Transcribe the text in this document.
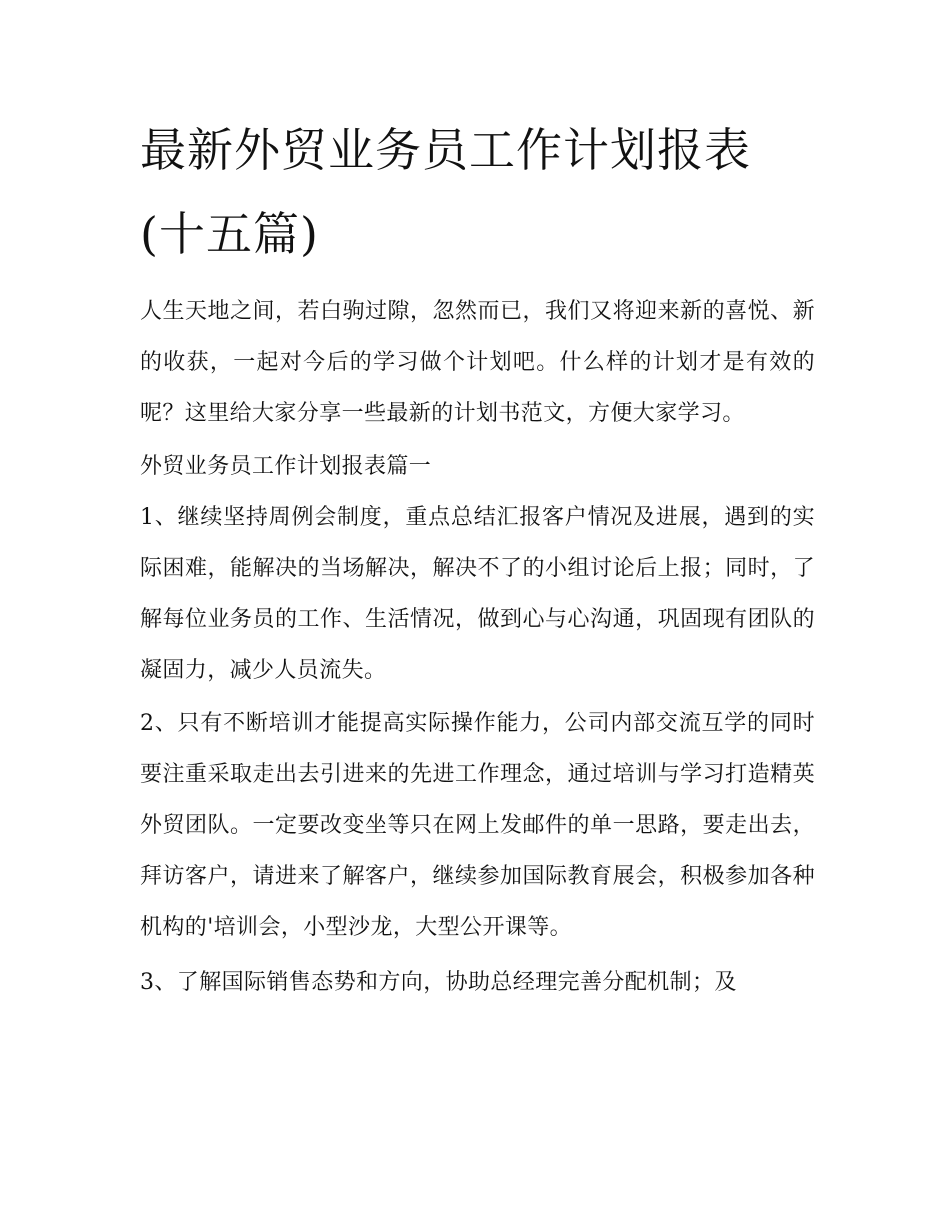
最新外贸业务员工作计划报表(十五篇)

人生天地之间，若白驹过隙，忽然而已，我们又将迎来新的喜悦、新的收获，一起对今后的学习做个计划吧。什么样的计划才是有效的呢？这里给大家分享一些最新的计划书范文，方便大家学习。

外贸业务员工作计划报表篇一

1、继续坚持周例会制度，重点总结汇报客户情况及进展，遇到的实际困难，能解决的当场解决，解决不了的小组讨论后上报；同时，了解每位业务员的工作、生活情况，做到心与心沟通，巩固现有团队的凝固力，减少人员流失。

2、只有不断培训才能提高实际操作能力，公司内部交流互学的同时要注重采取走出去引进来的先进工作理念，通过培训与学习打造精英外贸团队。一定要改变坐等只在网上发邮件的单一思路，要走出去，拜访客户，请进来了解客户，继续参加国际教育展会，积极参加各种机构的'培训会，小型沙龙，大型公开课等。

3、了解国际销售态势和方向，协助总经理完善分配机制；及
